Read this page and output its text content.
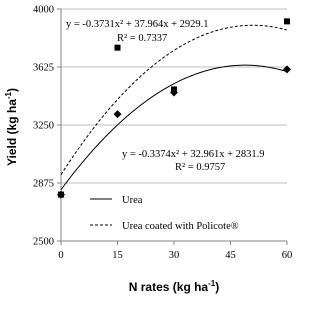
2500
2875
3250
3625
4000
0	15	30	45	60
y = -0.3731x² + 37.964x + 2929.1
R² = 0.7337
y = -0.3374x² + 32.961x + 2831.9
R² = 0.9757
Urea
Urea coated with Policote®
N rates (kg $ha^{-1}$)
Yield (kg $ha^{-1}$)
